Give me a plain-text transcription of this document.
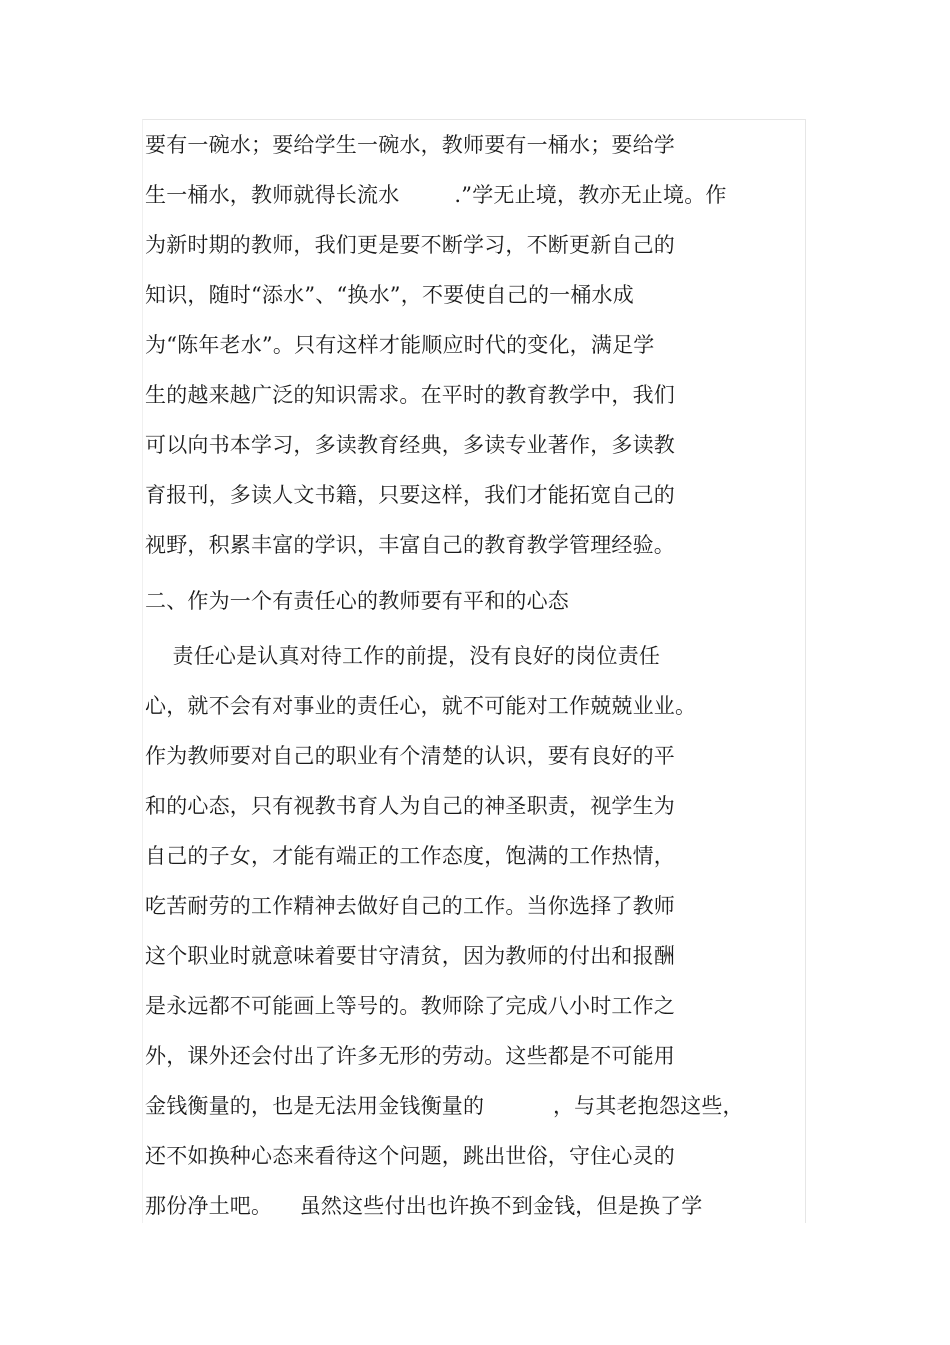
要有一碗水；要给学生一碗水，教师要有一桶水；要给学
生一桶水，教师就得长流水        .”学无止境，教亦无止境。作
为新时期的教师，我们更是要不断学习，不断更新自己的
知识，随时“添水”、“换水”，不要使自己的一桶水成
为“陈年老水”。只有这样才能顺应时代的变化，满足学
生的越来越广泛的知识需求。在平时的教育教学中，我们
可以向书本学习，多读教育经典，多读专业著作，多读教
育报刊，多读人文书籍，只要这样，我们才能拓宽自己的
视野，积累丰富的学识，丰富自己的教育教学管理经验。
二、作为一个有责任心的教师要有平和的心态
责任心是认真对待工作的前提，没有良好的岗位责任
心，就不会有对事业的责任心，就不可能对工作兢兢业业。
作为教师要对自己的职业有个清楚的认识，要有良好的平
和的心态，只有视教书育人为自己的神圣职责，视学生为
自己的子女，才能有端正的工作态度，饱满的工作热情，
吃苦耐劳的工作精神去做好自己的工作。当你选择了教师
这个职业时就意味着要甘守清贫，因为教师的付出和报酬
是永远都不可能画上等号的。教师除了完成八小时工作之
外，课外还会付出了许多无形的劳动。这些都是不可能用
金钱衡量的，也是无法用金钱衡量的          ，与其老抱怨这些，
还不如换种心态来看待这个问题，跳出世俗，守住心灵的
那份净土吧。    虽然这些付出也许换不到金钱，但是换了学
